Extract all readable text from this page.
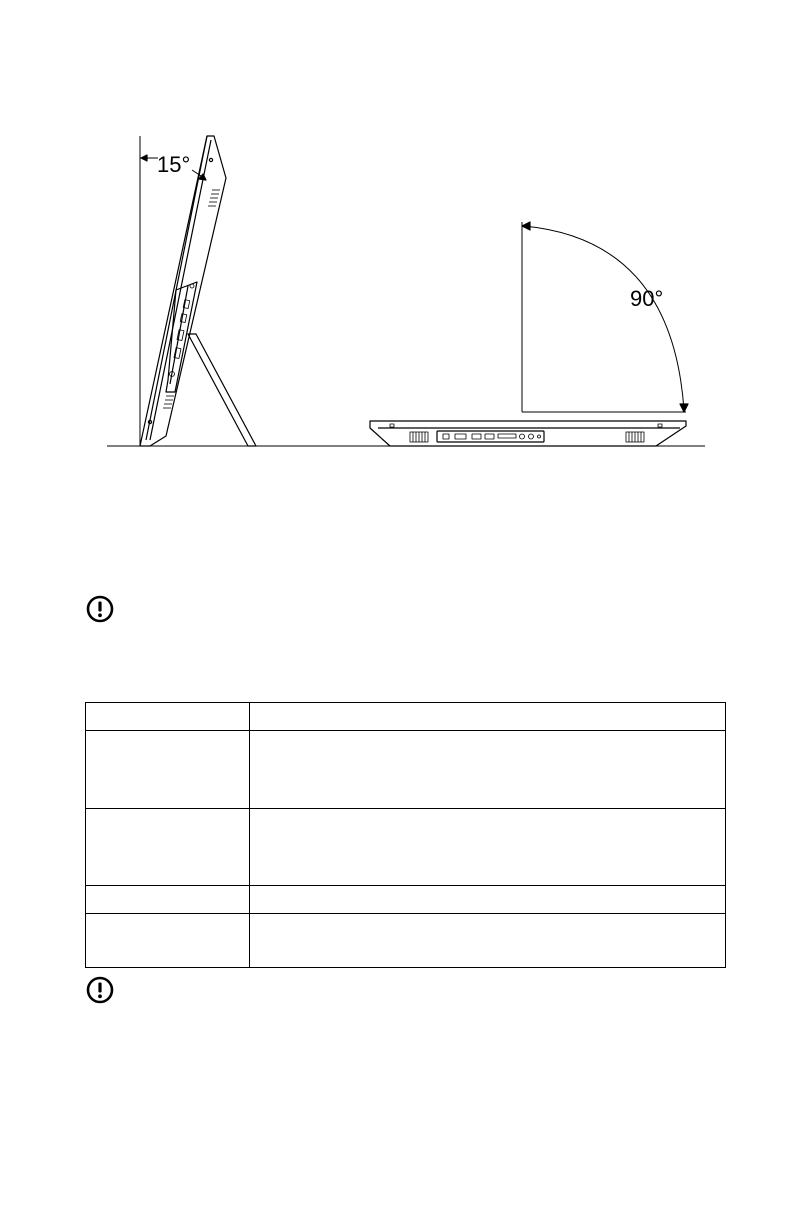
15°
90°
